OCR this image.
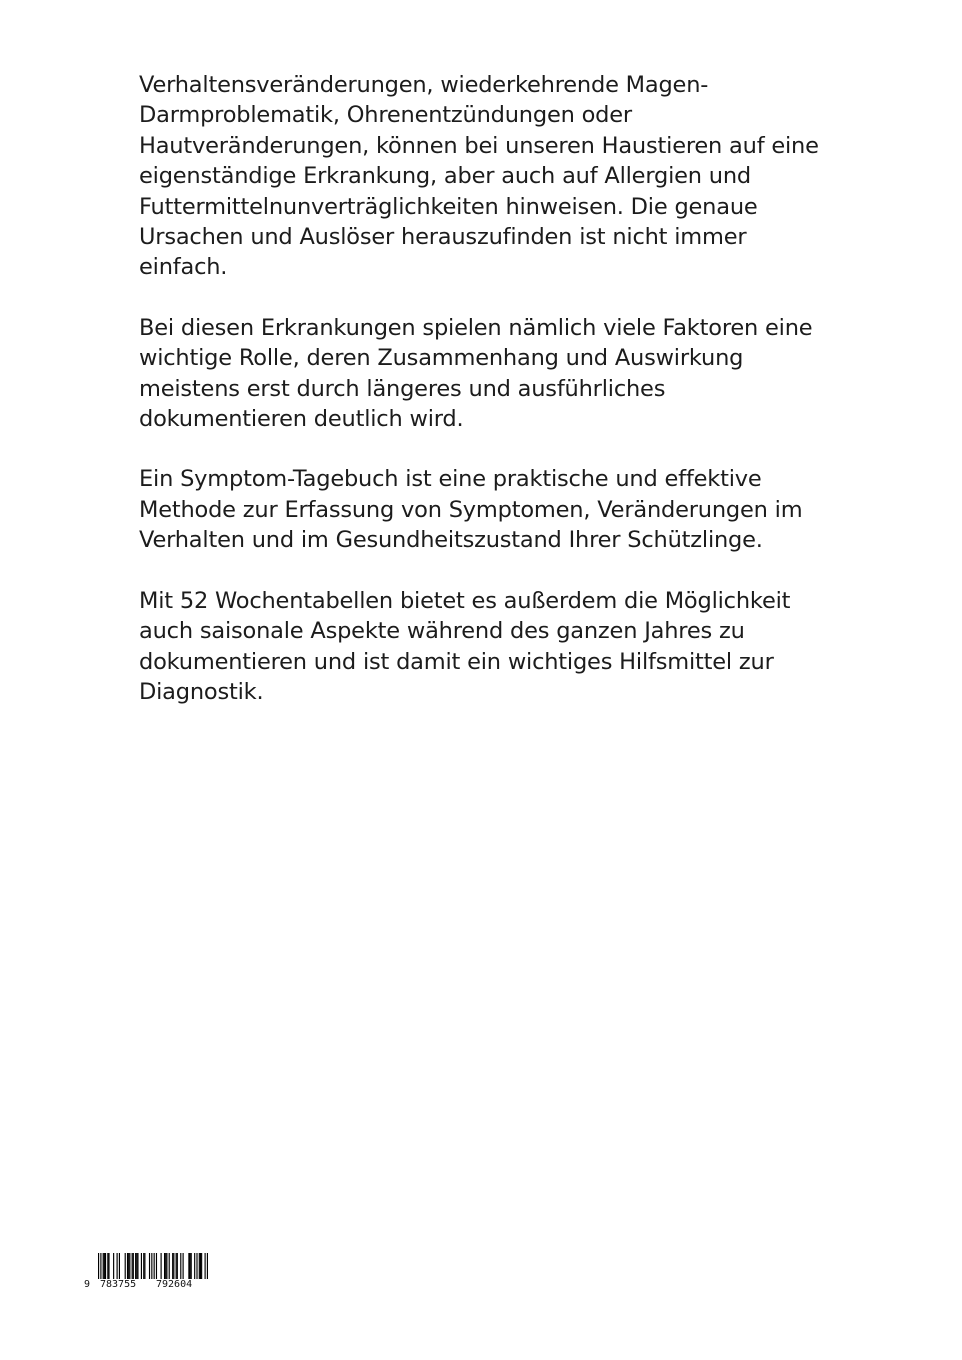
Verhaltensveränderungen, wiederkehrende Magen-
Darmproblematik, Ohrenentzündungen oder
Hautveränderungen, können bei unseren Haustieren auf eine
eigenständige Erkrankung, aber auch auf Allergien und
Futtermittelnunverträglichkeiten hinweisen. Die genaue
Ursachen und Auslöser herauszufinden ist nicht immer
einfach.

Bei diesen Erkrankungen spielen nämlich viele Faktoren eine
wichtige Rolle, deren Zusammenhang und Auswirkung
meistens erst durch längeres und ausführliches
dokumentieren deutlich wird.

Ein Symptom-Tagebuch ist eine praktische und effektive
Methode zur Erfassung von Symptomen, Veränderungen im
Verhalten und im Gesundheitszustand Ihrer Schützlinge.

Mit 52 Wochentabellen bietet es außerdem die Möglichkeit
auch saisonale Aspekte während des ganzen Jahres zu
dokumentieren und ist damit ein wichtiges Hilfsmittel zur
Diagnostik.

9 783755 792604
